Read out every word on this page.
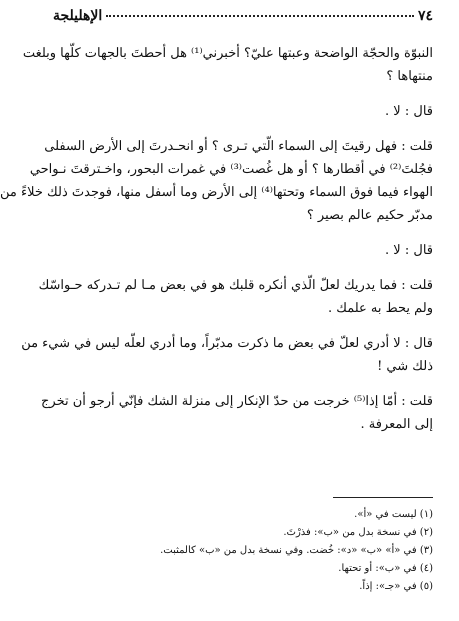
٧٤
الإهليلجة

النبوّة والحجّة الواضحة وعبتها عليّ؟ أخبرني⁽¹⁾ هل أحطتَ بالجهات كلّها وبلغت
منتهاها ؟

قال : لا .

قلت : فهل رقيتَ إلى السماء الّتي تـرى ؟ أو انحـدرتَ إلى الأرض السفلى
فجُلتَ⁽²⁾ في أقطارها ؟ أو هل غُصت⁽³⁾ في غمرات البحور، واخـترقتَ نـواحي
الهواء فيما فوق السماء وتحتها⁽⁴⁾ إلى الأرض وما أسفل منها، فوجدتَ ذلك خلاءً من
مدبّر حكيم عالم بصير ؟

قال : لا .

قلت : فما يدريك لعلّ الّذي أنكره قلبك هو في بعض مـا لم تـدركه حـواسّك
ولم يحط به علمك .

قال : لا أدري لعلّ في بعض ما ذكرت مدبّراً، وما أدري لعلّه ليس في شيء من
ذلك شي !

قلت : أمّا إذا⁽⁵⁾ خرجت من حدّ الإنكار إلى منزلة الشك فإنّي أرجو أن تخرج
إلى المعرفة .

(١) ليست في «أ».
(٢) في نسخة بدل من «ب»: فذرْتَ.
(٣) في «أ» «ب» «د»: خُضت. وفي نسخة بدل من «ب» كالمثبت.
(٤) في «ب»: أو تحتها.
(٥) في «جـ»: إذاً.
